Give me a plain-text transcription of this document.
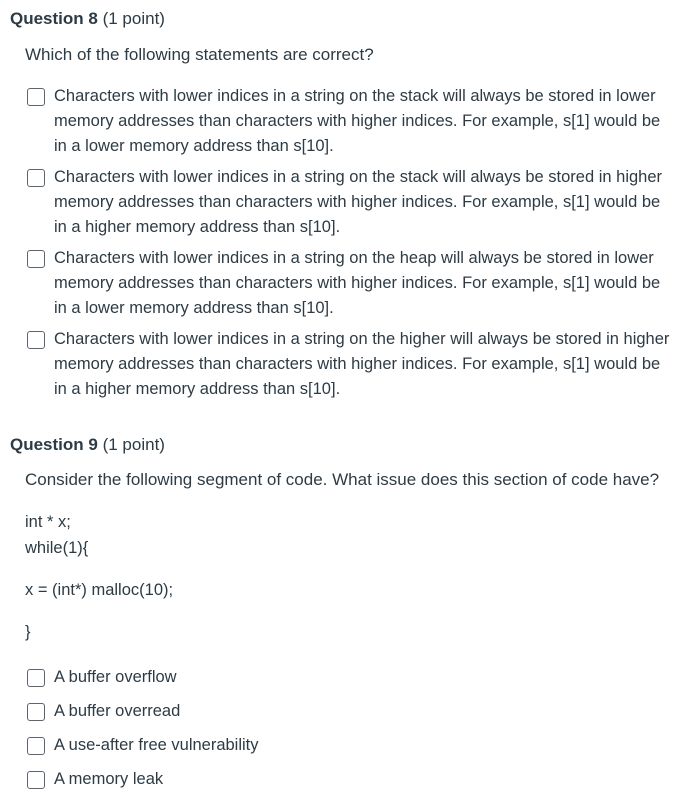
Question 8 (1 point)
Which of the following statements are correct?
Characters with lower indices in a string on the stack will always be stored in lower memory addresses than characters with higher indices. For example, s[1] would be in a lower memory address than s[10].
Characters with lower indices in a string on the stack will always be stored in higher memory addresses than characters with higher indices. For example, s[1] would be in a higher memory address than s[10].
Characters with lower indices in a string on the heap will always be stored in lower memory addresses than characters with higher indices. For example, s[1] would be in a lower memory address than s[10].
Characters with lower indices in a string on the higher will always be stored in higher memory addresses than characters with higher indices. For example, s[1] would be in a higher memory address than s[10].
Question 9 (1 point)
Consider the following segment of code. What issue does this section of code have?
int * x;
while(1){
x = (int*) malloc(10);
}
A buffer overflow
A buffer overread
A use-after free vulnerability
A memory leak
